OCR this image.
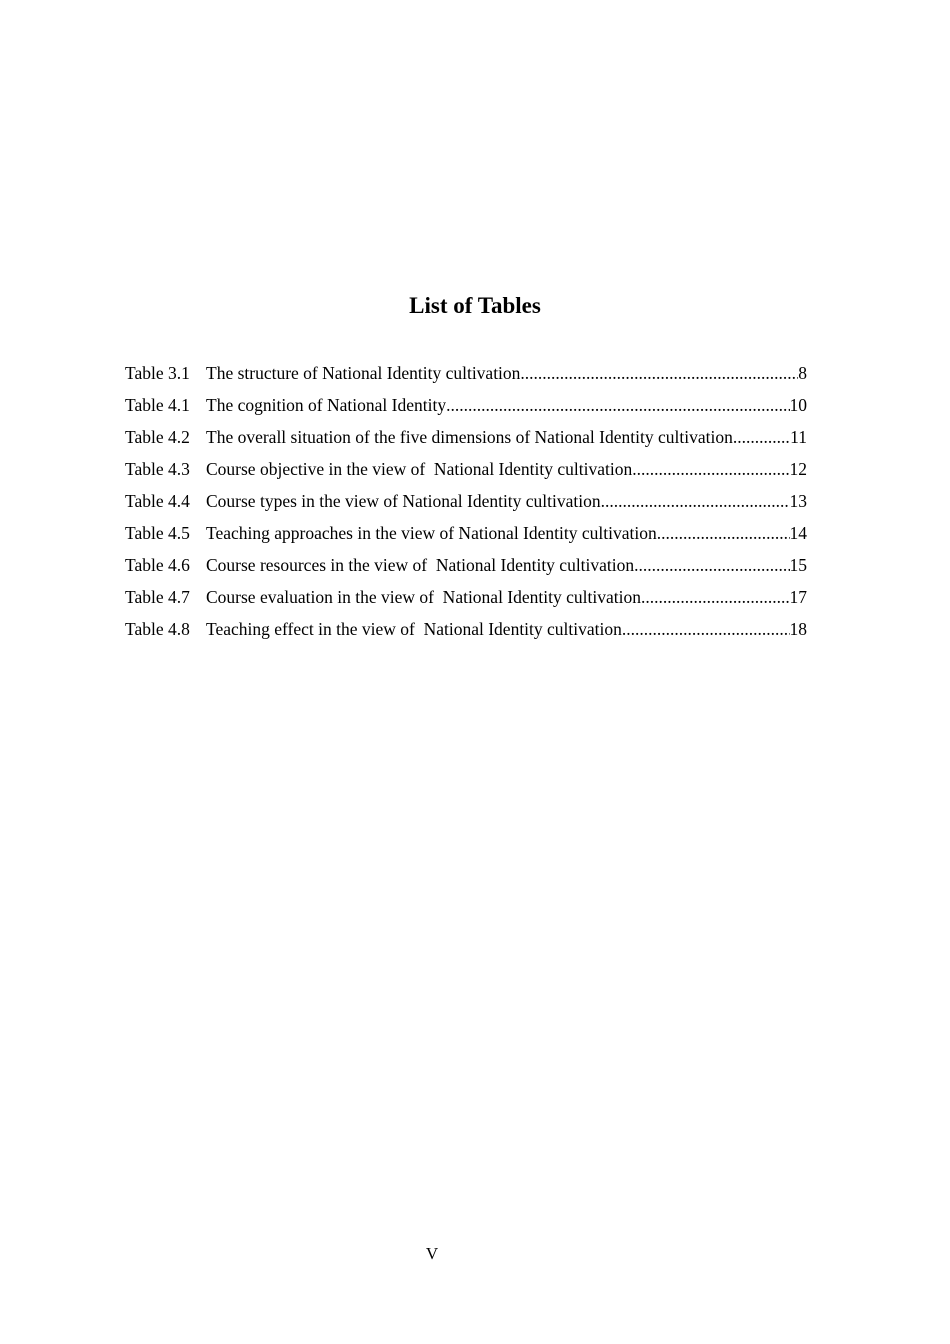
List of Tables
Table 3.1 The structure of National Identity cultivation .....	8
Table 4.1 The cognition of National Identity .....	10
Table 4.2 The overall situation of the five dimensions of National Identity cultivation .....	11
Table 4.3 Course objective in the view of  National Identity cultivation .....	12
Table 4.4 Course types in the view of National Identity cultivation .....	13
Table 4.5 Teaching approaches in the view of National Identity cultivation .....	14
Table 4.6 Course resources in the view of  National Identity cultivation .....	15
Table 4.7 Course evaluation in the view of  National Identity cultivation .....	17
Table 4.8 Teaching effect in the view of  National Identity cultivation .....	18
V
